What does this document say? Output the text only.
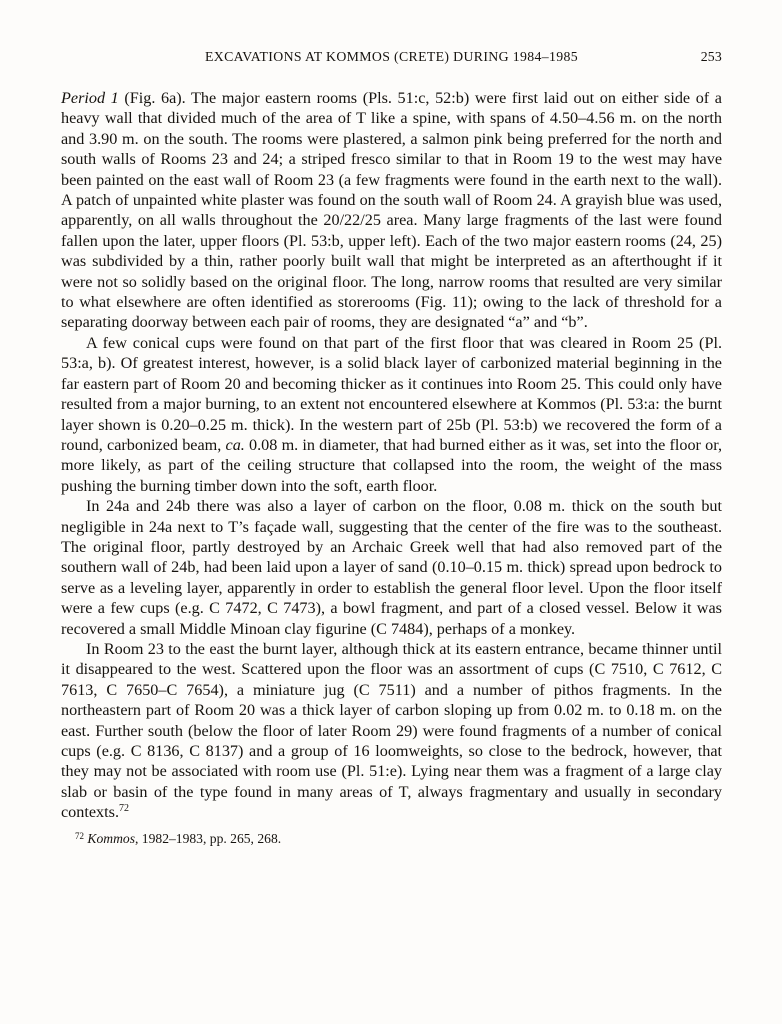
EXCAVATIONS AT KOMMOS (CRETE) DURING 1984–1985	253

Period 1 (Fig. 6a). The major eastern rooms (Pls. 51:c, 52:b) were first laid out on either side of a heavy wall that divided much of the area of T like a spine, with spans of 4.50–4.56 m. on the north and 3.90 m. on the south. The rooms were plastered, a salmon pink being preferred for the north and south walls of Rooms 23 and 24; a striped fresco similar to that in Room 19 to the west may have been painted on the east wall of Room 23 (a few fragments were found in the earth next to the wall). A patch of unpainted white plaster was found on the south wall of Room 24. A grayish blue was used, apparently, on all walls throughout the 20/22/25 area. Many large fragments of the last were found fallen upon the later, upper floors (Pl. 53:b, upper left). Each of the two major eastern rooms (24, 25) was subdivided by a thin, rather poorly built wall that might be interpreted as an afterthought if it were not so solidly based on the original floor. The long, narrow rooms that resulted are very similar to what elsewhere are often identified as storerooms (Fig. 11); owing to the lack of threshold for a separating doorway between each pair of rooms, they are designated “a” and “b”.

A few conical cups were found on that part of the first floor that was cleared in Room 25 (Pl. 53:a, b). Of greatest interest, however, is a solid black layer of carbonized material beginning in the far eastern part of Room 20 and becoming thicker as it continues into Room 25. This could only have resulted from a major burning, to an extent not encountered elsewhere at Kommos (Pl. 53:a: the burnt layer shown is 0.20–0.25 m. thick). In the western part of 25b (Pl. 53:b) we recovered the form of a round, carbonized beam, ca. 0.08 m. in diameter, that had burned either as it was, set into the floor or, more likely, as part of the ceiling structure that collapsed into the room, the weight of the mass pushing the burning timber down into the soft, earth floor.

In 24a and 24b there was also a layer of carbon on the floor, 0.08 m. thick on the south but negligible in 24a next to T’s façade wall, suggesting that the center of the fire was to the southeast. The original floor, partly destroyed by an Archaic Greek well that had also removed part of the southern wall of 24b, had been laid upon a layer of sand (0.10–0.15 m. thick) spread upon bedrock to serve as a leveling layer, apparently in order to establish the general floor level. Upon the floor itself were a few cups (e.g. C 7472, C 7473), a bowl fragment, and part of a closed vessel. Below it was recovered a small Middle Minoan clay figurine (C 7484), perhaps of a monkey.

In Room 23 to the east the burnt layer, although thick at its eastern entrance, became thinner until it disappeared to the west. Scattered upon the floor was an assortment of cups (C 7510, C 7612, C 7613, C 7650–C 7654), a miniature jug (C 7511) and a number of pithos fragments. In the northeastern part of Room 20 was a thick layer of carbon sloping up from 0.02 m. to 0.18 m. on the east. Further south (below the floor of later Room 29) were found fragments of a number of conical cups (e.g. C 8136, C 8137) and a group of 16 loomweights, so close to the bedrock, however, that they may not be associated with room use (Pl. 51:e). Lying near them was a fragment of a large clay slab or basin of the type found in many areas of T, always fragmentary and usually in secondary contexts.$^{72}$

$^{72}$ Kommos, 1982–1983, pp. 265, 268.
